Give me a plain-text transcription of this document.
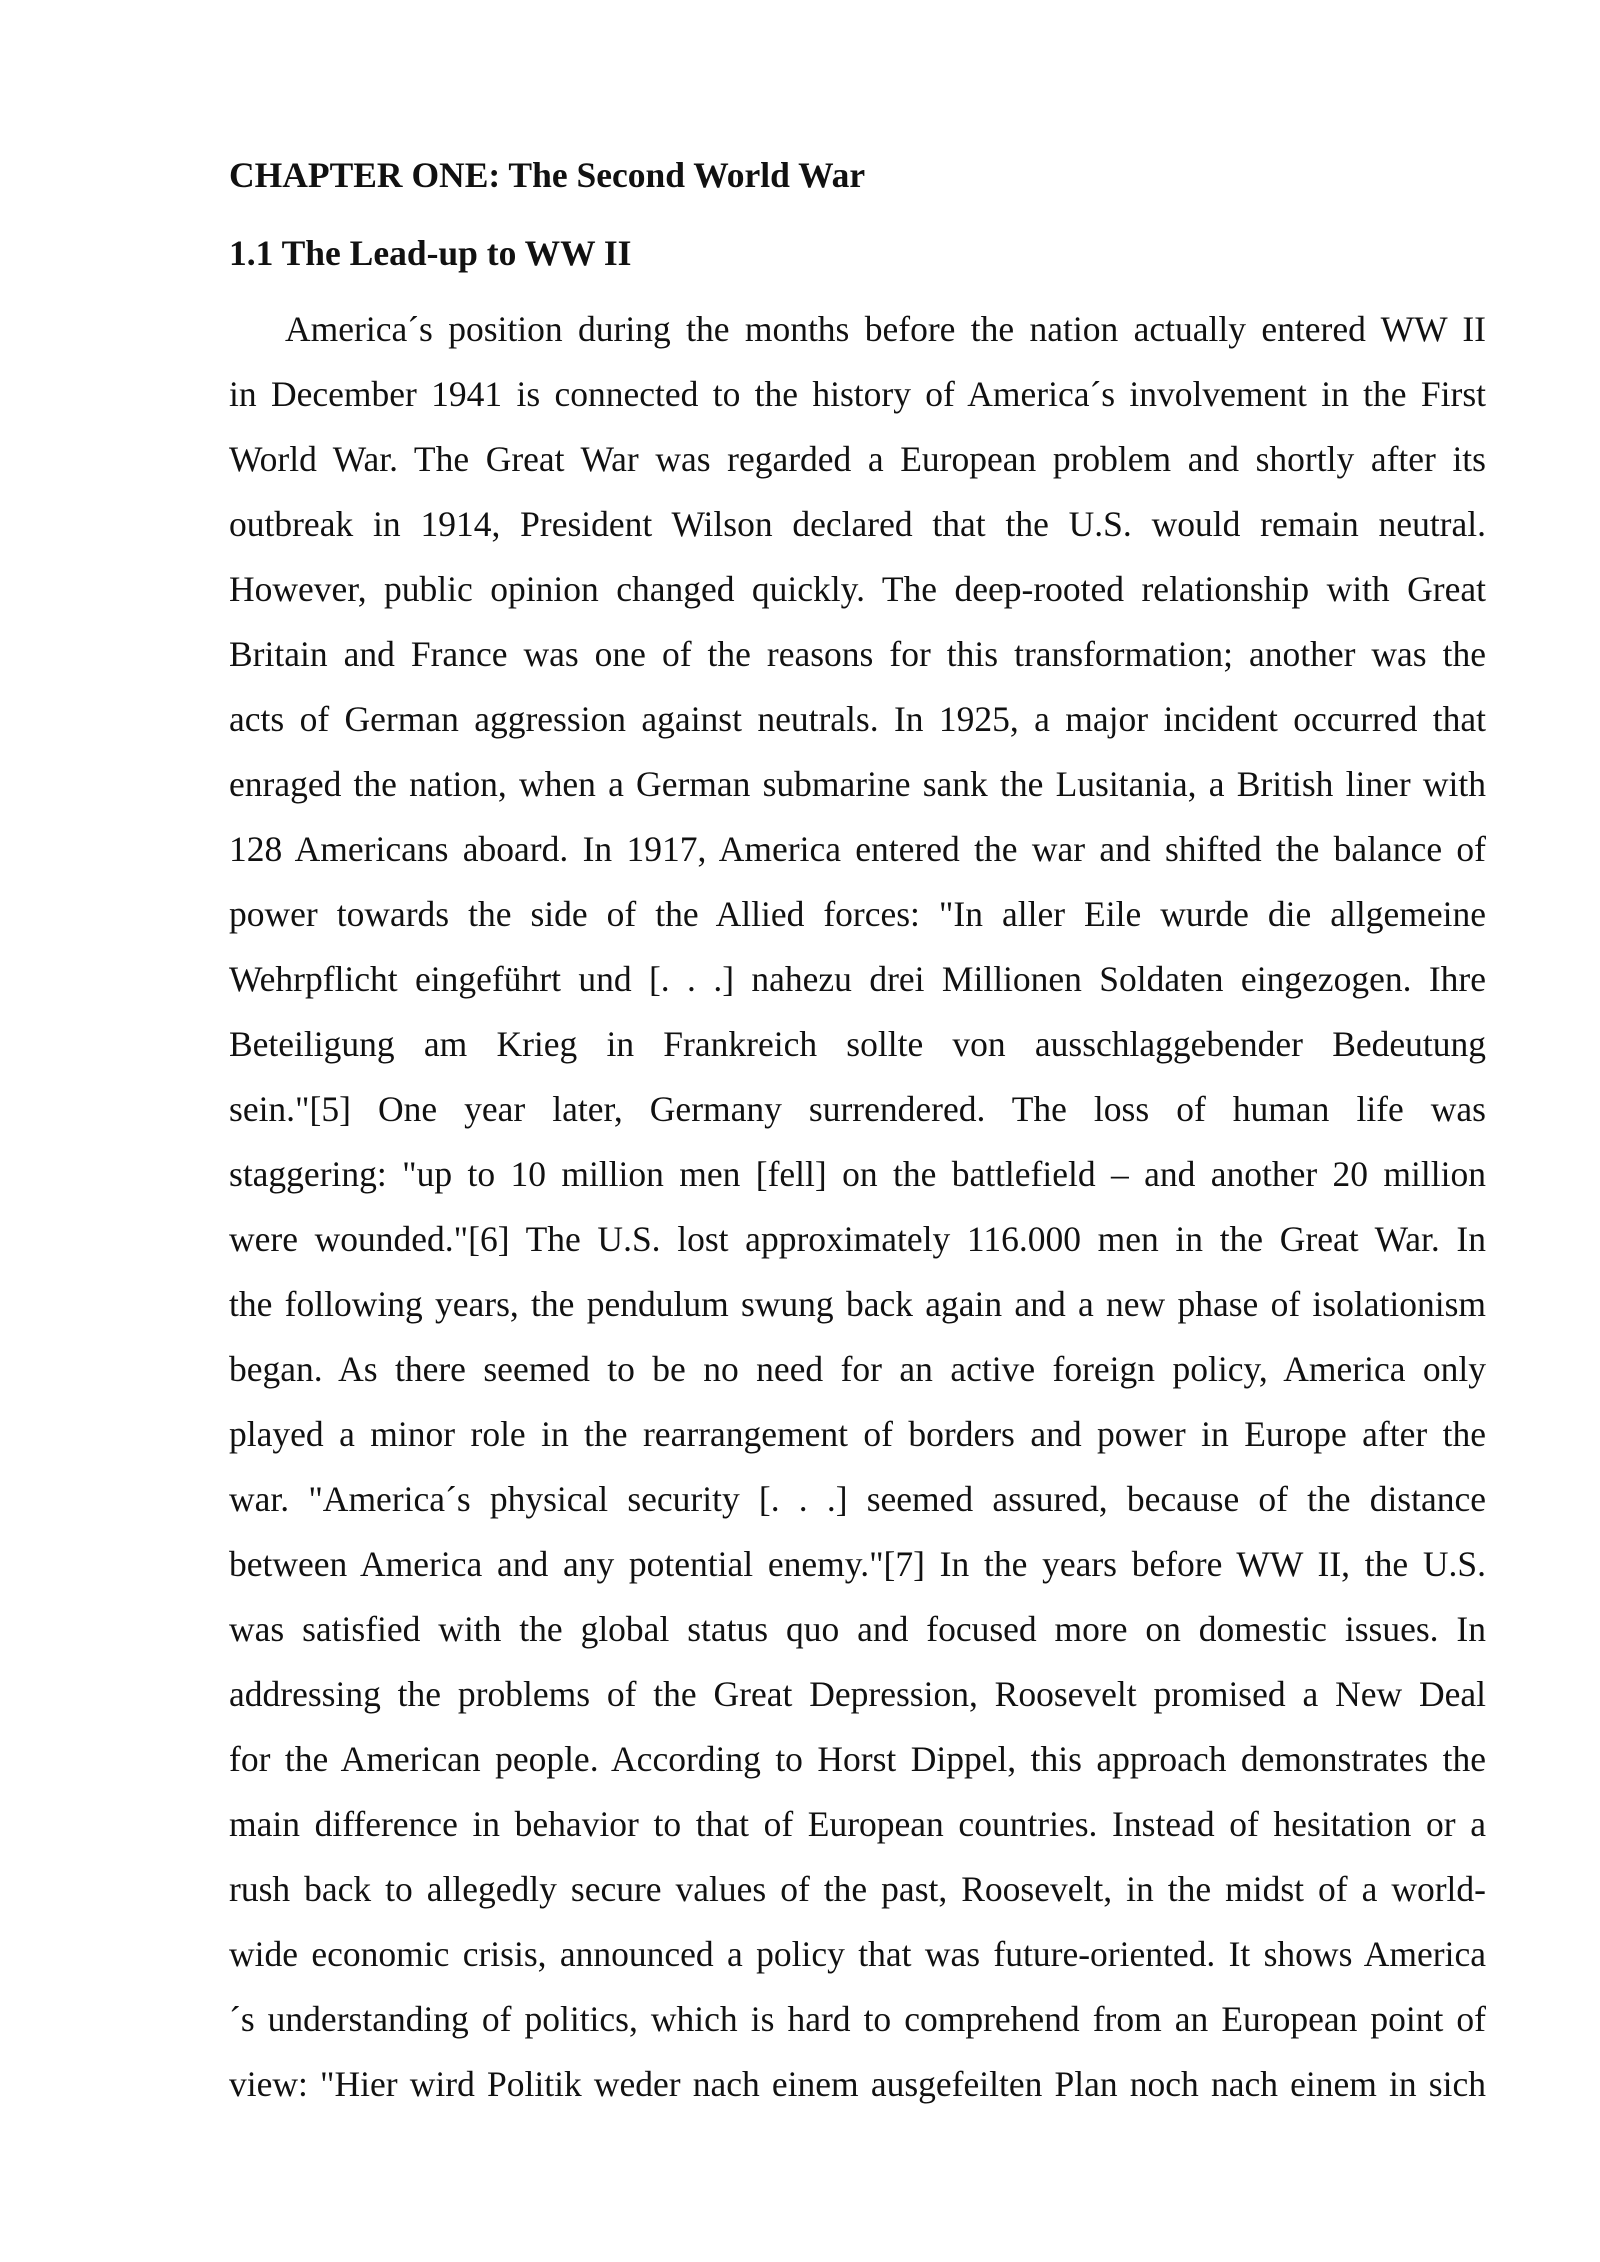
CHAPTER ONE: The Second World War
1.1 The Lead-up to WW II
America´s position during the months before the nation actually entered WW II
in December 1941 is connected to the history of America´s involvement in the First
World War. The Great War was regarded a European problem and shortly after its
outbreak in 1914, President Wilson declared that the U.S. would remain neutral.
However, public opinion changed quickly. The deep-rooted relationship with Great
Britain and France was one of the reasons for this transformation; another was the
acts of German aggression against neutrals. In 1925, a major incident occurred that
enraged the nation, when a German submarine sank the Lusitania, a British liner with
128 Americans aboard. In 1917, America entered the war and shifted the balance of
power towards the side of the Allied forces: "In aller Eile wurde die allgemeine
Wehrpflicht eingeführt und [. . .] nahezu drei Millionen Soldaten eingezogen. Ihre
Beteiligung am Krieg in Frankreich sollte von ausschlaggebender Bedeutung
sein."[5] One year later, Germany surrendered. The loss of human life was
staggering: "up to 10 million men [fell] on the battlefield – and another 20 million
were wounded."[6] The U.S. lost approximately 116.000 men in the Great War. In
the following years, the pendulum swung back again and a new phase of isolationism
began. As there seemed to be no need for an active foreign policy, America only
played a minor role in the rearrangement of borders and power in Europe after the
war. "America´s physical security [. . .] seemed assured, because of the distance
between America and any potential enemy."[7] In the years before WW II, the U.S.
was satisfied with the global status quo and focused more on domestic issues. In
addressing the problems of the Great Depression, Roosevelt promised a New Deal
for the American people. According to Horst Dippel, this approach demonstrates the
main difference in behavior to that of European countries. Instead of hesitation or a
rush back to allegedly secure values of the past, Roosevelt, in the midst of a world-
wide economic crisis, announced a policy that was future-oriented. It shows America
´s understanding of politics, which is hard to comprehend from an European point of
view: "Hier wird Politik weder nach einem ausgefeilten Plan noch nach einem in sich
